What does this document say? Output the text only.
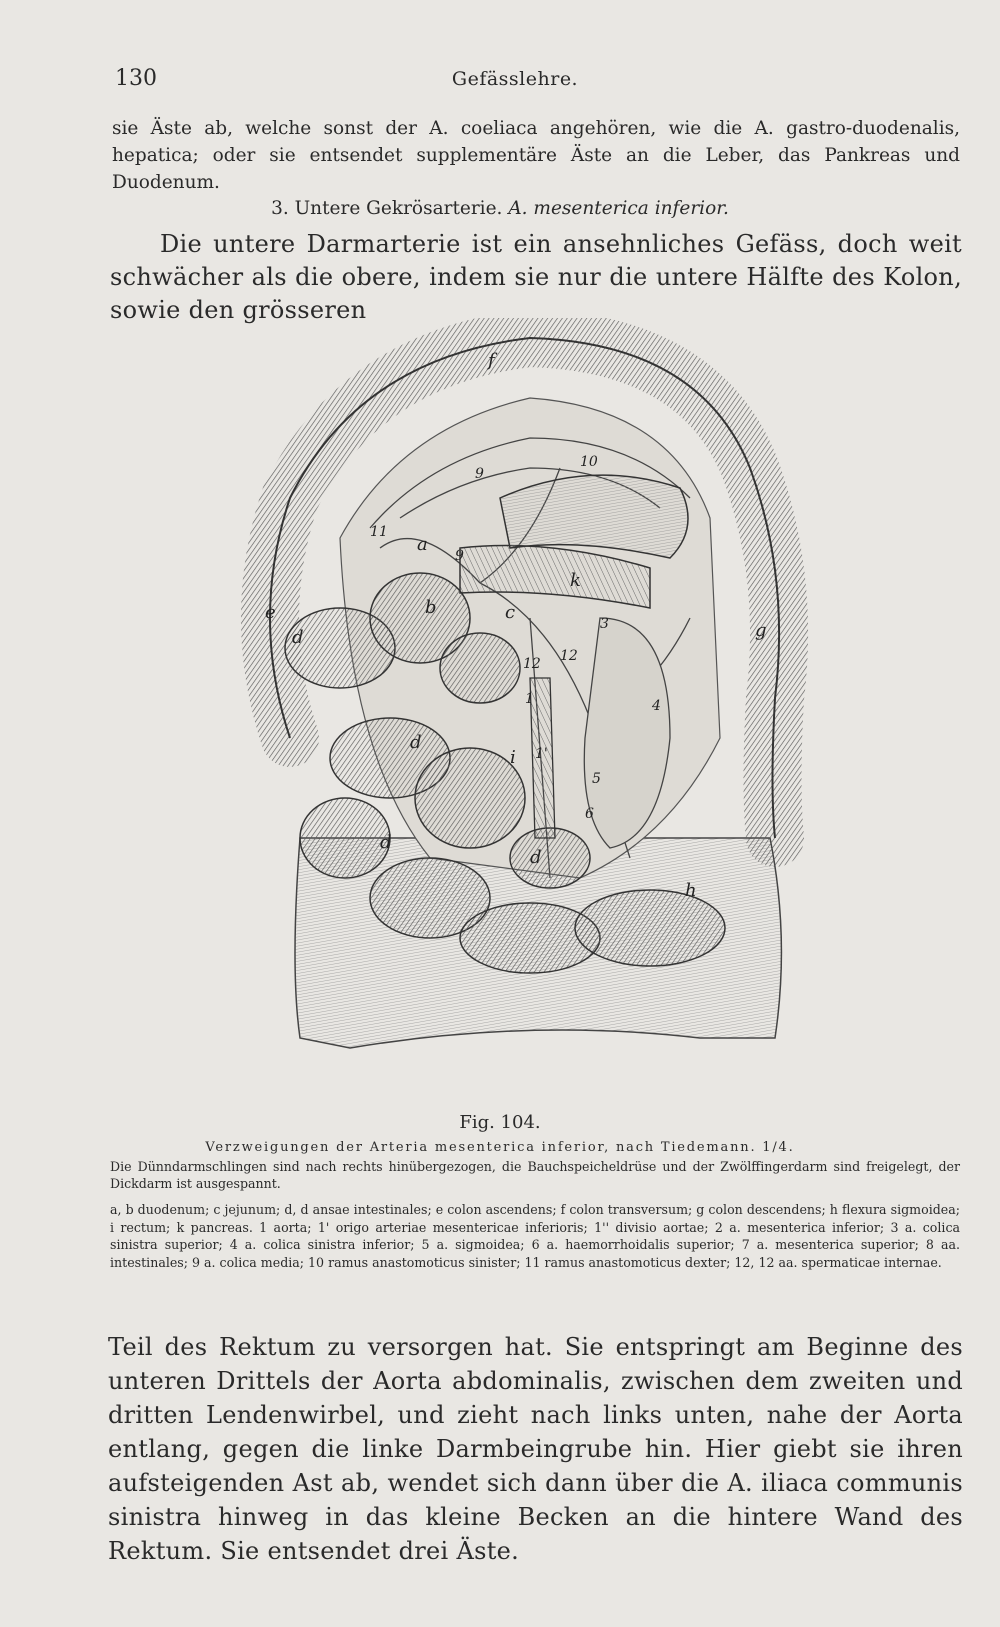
130	Gefässlehre.
sie Äste ab, welche sonst der A. coeliaca angehören, wie die A. gastro-duodenalis, hepatica; oder sie entsendet supplementäre Äste an die Leber, das Pankreas und Duodenum.
3. Untere Gekrösarterie. A. mesenterica inferior.
Die untere Darmarterie ist ein ansehnliches Gefäss, doch weit schwächer als die obere, indem sie nur die untere Hälfte des Kolon, sowie den grösseren
f
g
e
d
d
d
d
h
k
a
b	c
i
1
1'
3
4
5
6
9
9
10
11
12 12
Fig. 104.
Verzweigungen der Arteria mesenterica inferior, nach Tiedemann. 1/4.
Die Dünndarmschlingen sind nach rechts hinübergezogen, die Bauchspeicheldrüse und der Zwölffingerdarm sind freigelegt, der Dickdarm ist ausgespannt.
a, b duodenum; c jejunum; d, d ansae intestinales; e colon ascendens; f colon transversum; g colon descendens; h flexura sigmoidea; i rectum; k pancreas. 1 aorta; 1' origo arteriae mesentericae inferioris; 1'' divisio aortae; 2 a. mesenterica inferior; 3 a. colica sinistra superior; 4 a. colica sinistra inferior; 5 a. sigmoidea; 6 a. haemorrhoidalis superior; 7 a. mesenterica superior; 8 aa. intestinales; 9 a. colica media; 10 ramus anastomoticus sinister; 11 ramus anastomoticus dexter; 12, 12 aa. spermaticae internae.
Teil des Rektum zu versorgen hat. Sie entspringt am Beginne des unteren Drittels der Aorta abdominalis, zwischen dem zweiten und dritten Lendenwirbel, und zieht nach links unten, nahe der Aorta entlang, gegen die linke Darmbeingrube hin. Hier giebt sie ihren aufsteigenden Ast ab, wendet sich dann über die A. iliaca communis sinistra hinweg in das kleine Becken an die hintere Wand des Rektum. Sie entsendet drei Äste.
